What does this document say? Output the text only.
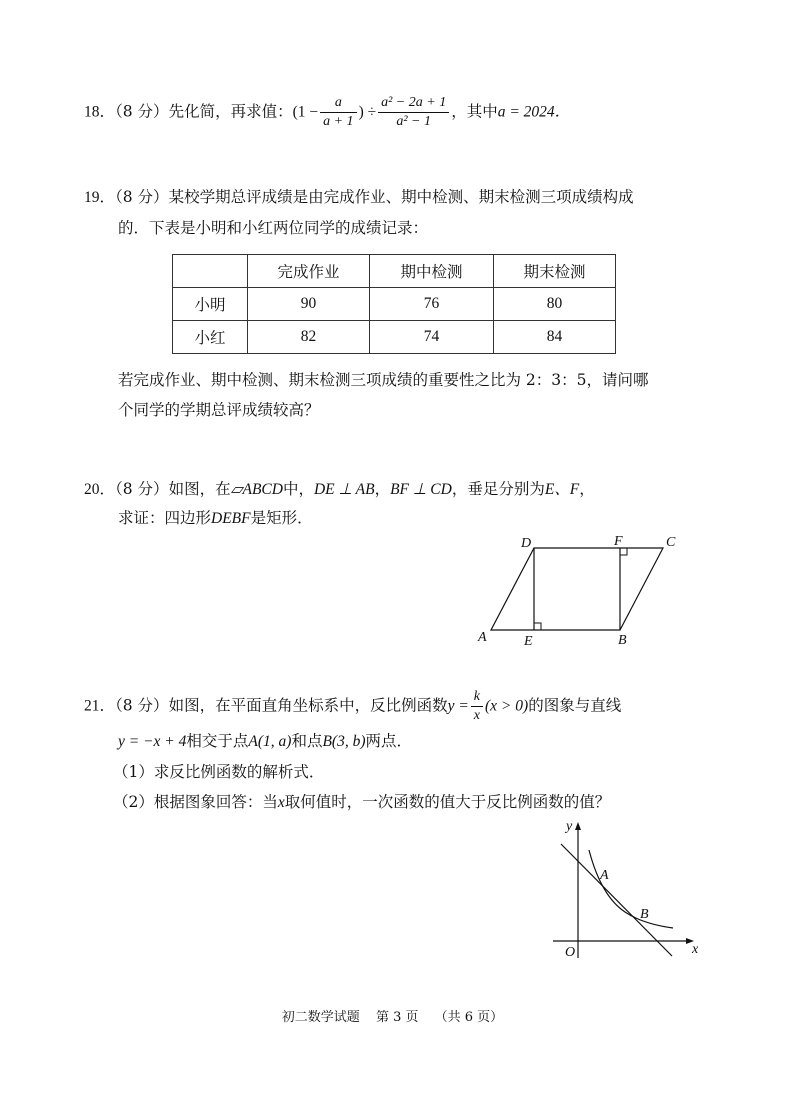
18．（8 分）先化简，再求值：($1 - \frac{a}{a + 1}$ ) ÷ $\frac{\text{a² − 2a + 1}}{\text{a² − 1}}$ ，其中a = 2024．
19．（8 分）某校学期总评成绩是由完成作业、期中检测、期末检测三项成绩构成
的．下表是小明和小红两位同学的成绩记录：
	完成作业	期中检测	期末检测
小明	90	76	80
小红	82	74	84
若完成作业、期中检测、期末检测三项成绩的重要性之比为 2：3：5，请问哪
个同学的学期总评成绩较高？
20．（8 分）如图，在▱ABCD中，DE ⊥ AB，BF ⊥ CD，垂足分别为E、F，
求证：四边形DEBF是矩形．
A	E	B
D	F	C
21．（8 分）如图，在平面直角坐标系中，反比例函数$y = \frac{k}{x} (x > 0)$的图象与直线
y = −x + 4相交于点A(1, a)和点B(3, b)两点．
（1）求反比例函数的解析式．
（2）根据图象回答：当x取何值时，一次函数的值大于反比例函数的值？
y
x
O
A
B
初二数学试题 第 3 页 （共 6 页）
